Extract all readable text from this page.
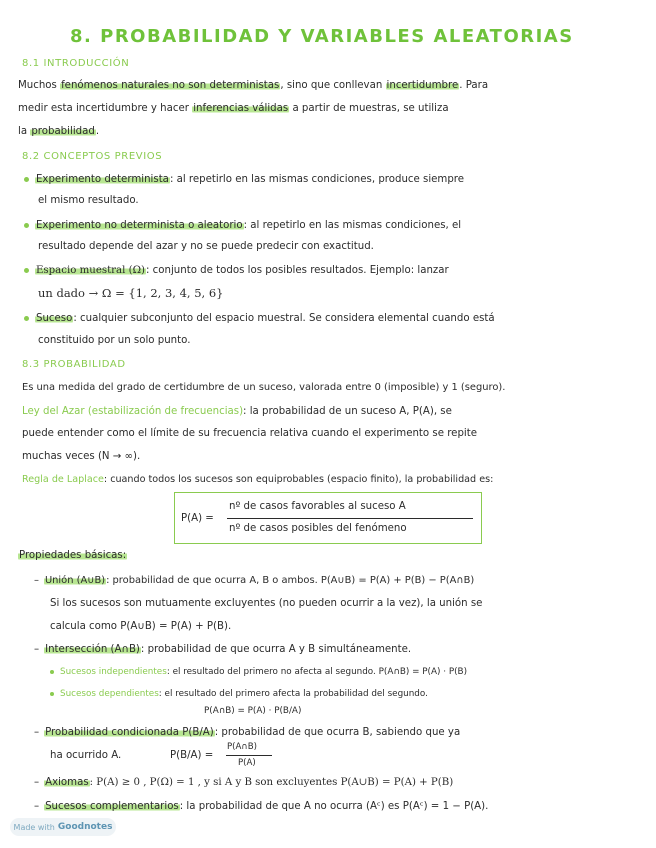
8. PROBABILIDAD Y VARIABLES ALEATORIAS
8.1 INTRODUCCIÓN
Muchos fenómenos naturales no son deterministas, sino que conllevan incertidumbre. Para
medir esta incertidumbre y hacer inferencias válidas a partir de muestras, se utiliza
la probabilidad.
8.2 CONCEPTOS PREVIOS
Experimento determinista: al repetirlo en las mismas condiciones, produce siempre
el mismo resultado.
Experimento no determinista o aleatorio: al repetirlo en las mismas condiciones, el
resultado depende del azar y no se puede predecir con exactitud.
Espacio muestral (Ω): conjunto de todos los posibles resultados. Ejemplo: lanzar
un dado → Ω = {1, 2, 3, 4, 5, 6}
Suceso: cualquier subconjunto del espacio muestral. Se considera elemental cuando está
constituido por un solo punto.
8.3 PROBABILIDAD
Es una medida del grado de certidumbre de un suceso, valorada entre 0 (imposible) y 1 (seguro).
Ley del Azar (estabilización de frecuencias): la probabilidad de un suceso A, P(A), se
puede entender como el límite de su frecuencia relativa cuando el experimento se repite
muchas veces (N → ∞).
Regla de Laplace: cuando todos los sucesos son equiprobables (espacio finito), la probabilidad es:
P(A) =
nº de casos favorables al suceso A
nº de casos posibles del fenómeno
Propiedades básicas:
– Unión (A∪B): probabilidad de que ocurra A, B o ambos. P(A∪B) = P(A) + P(B) − P(A∩B)
Si los sucesos son mutuamente excluyentes (no pueden ocurrir a la vez), la unión se
calcula como P(A∪B) = P(A) + P(B).
– Intersección (A∩B): probabilidad de que ocurra A y B simultáneamente.
Sucesos independientes: el resultado del primero no afecta al segundo. P(A∩B) = P(A) · P(B)
Sucesos dependientes: el resultado del primero afecta la probabilidad del segundo.
P(A∩B) = P(A) · P(B/A)
– Probabilidad condicionada P(B/A): probabilidad de que ocurra B, sabiendo que ya
ha ocurrido A.	P(B/A) =
P(A∩B)
P(A)
– Axiomas: P(A) ≥ 0 , P(Ω) = 1 , y si A y B son excluyentes P(A∪B) = P(A) + P(B)
– Sucesos complementarios: la probabilidad de que A no ocurra (Aᶜ) es P(Aᶜ) = 1 − P(A).
Made with Goodnotes
